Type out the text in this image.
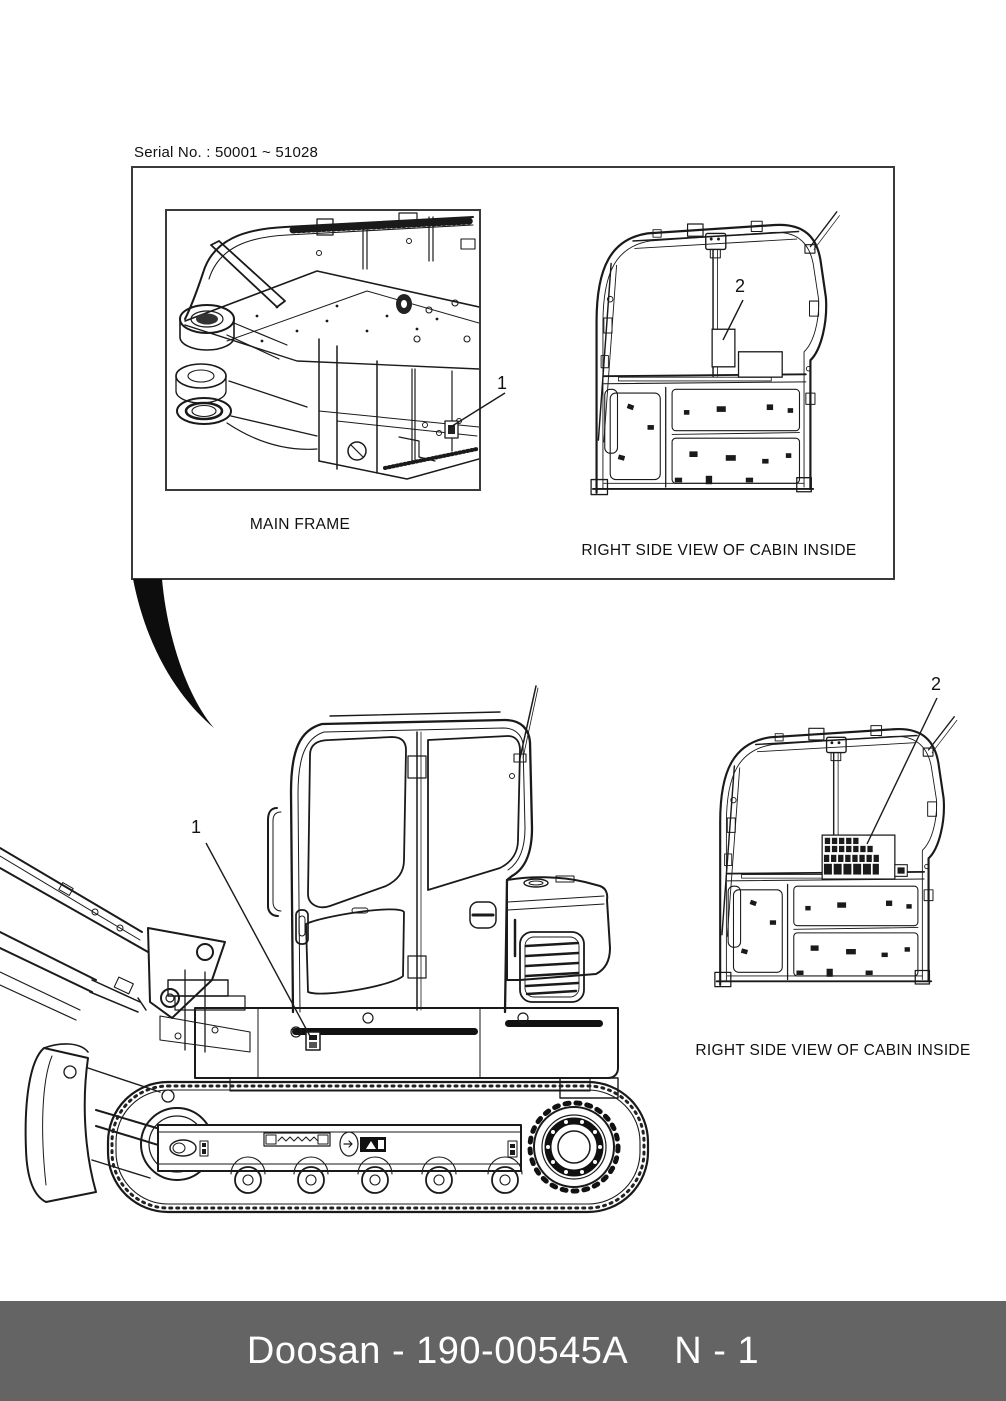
Serial No. : 50001 ~ 51028
MAIN FRAME
RIGHT SIDE VIEW OF CABIN INSIDE
1
2
1
2
RIGHT SIDE VIEW OF CABIN INSIDE
Doosan - 190-00545A N - 1
